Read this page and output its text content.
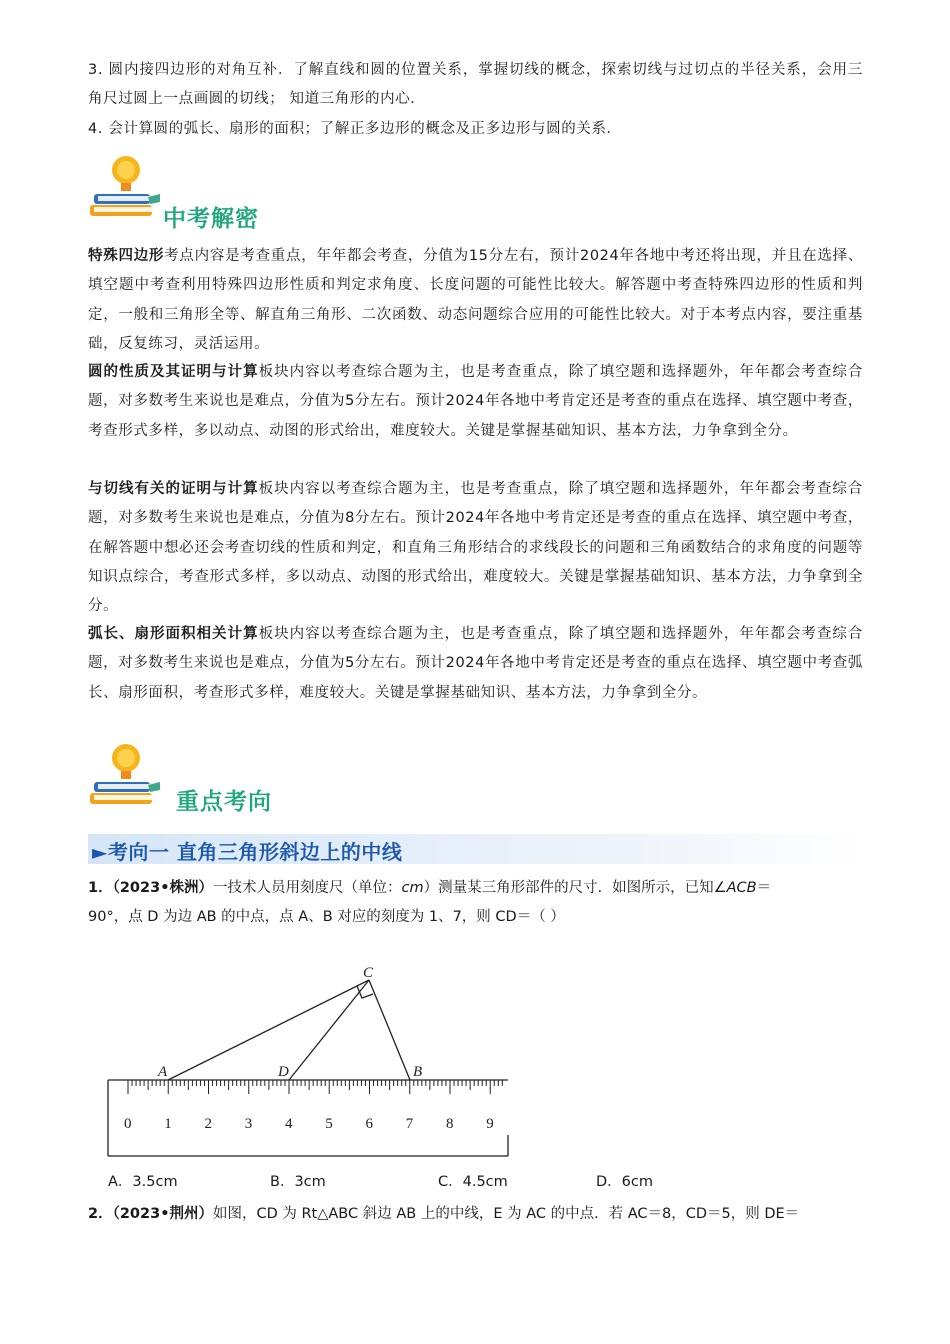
3. 圆内接四边形的对角互补．了解直线和圆的位置关系，掌握切线的概念，探索切线与过切点的半径关系，会用三角尺过圆上一点画圆的切线； 知道三角形的内心．
4. 会计算圆的弧长、扇形的面积；了解正多边形的概念及正多边形与圆的关系．
中考解密
特殊四边形考点内容是考查重点，年年都会考查，分值为15分左右，预计2024年各地中考还将出现，并且在选择、填空题中考查利用特殊四边形性质和判定求角度、长度问题的可能性比较大。解答题中考查特殊四边形的性质和判定，一般和三角形全等、解直角三角形、二次函数、动态问题综合应用的可能性比较大。对于本考点内容，要注重基础，反复练习，灵活运用。
圆的性质及其证明与计算板块内容以考查综合题为主，也是考查重点，除了填空题和选择题外，年年都会考查综合题，对多数考生来说也是难点，分值为5分左右。预计2024年各地中考肯定还是考查的重点在选择、填空题中考查，考查形式多样，多以动点、动图的形式给出，难度较大。关键是掌握基础知识、基本方法，力争拿到全分。
与切线有关的证明与计算板块内容以考查综合题为主，也是考查重点，除了填空题和选择题外，年年都会考查综合题，对多数考生来说也是难点，分值为8分左右。预计2024年各地中考肯定还是考查的重点在选择、填空题中考查，在解答题中想必还会考查切线的性质和判定，和直角三角形结合的求线段长的问题和三角函数结合的求角度的问题等知识点综合，考查形式多样，多以动点、动图的形式给出，难度较大。关键是掌握基础知识、基本方法，力争拿到全分。
弧长、扇形面积相关计算板块内容以考查综合题为主，也是考查重点，除了填空题和选择题外，年年都会考查综合题，对多数考生来说也是难点，分值为5分左右。预计2024年各地中考肯定还是考查的重点在选择、填空题中考查弧长、扇形面积，考查形式多样，难度较大。关键是掌握基础知识、基本方法，力争拿到全分。
重点考向
►考向一 直角三角形斜边上的中线
1．（2023•株洲）一技术人员用刻度尺（单位：cm）测量某三角形部件的尺寸．如图所示，已知∠ACB＝
90°，点 D 为边 AB 的中点，点 A、B 对应的刻度为 1、7，则 CD＝（ ）
0 1 2 3 4 5 6 7 8 9
A	D	B
C
A．3.5cm	B．3cm	C．4.5cm	D．6cm
2．（2023•荆州）如图，CD 为 Rt△ABC 斜边 AB 上的中线，E 为 AC 的中点．若 AC＝8，CD＝5，则 DE＝
